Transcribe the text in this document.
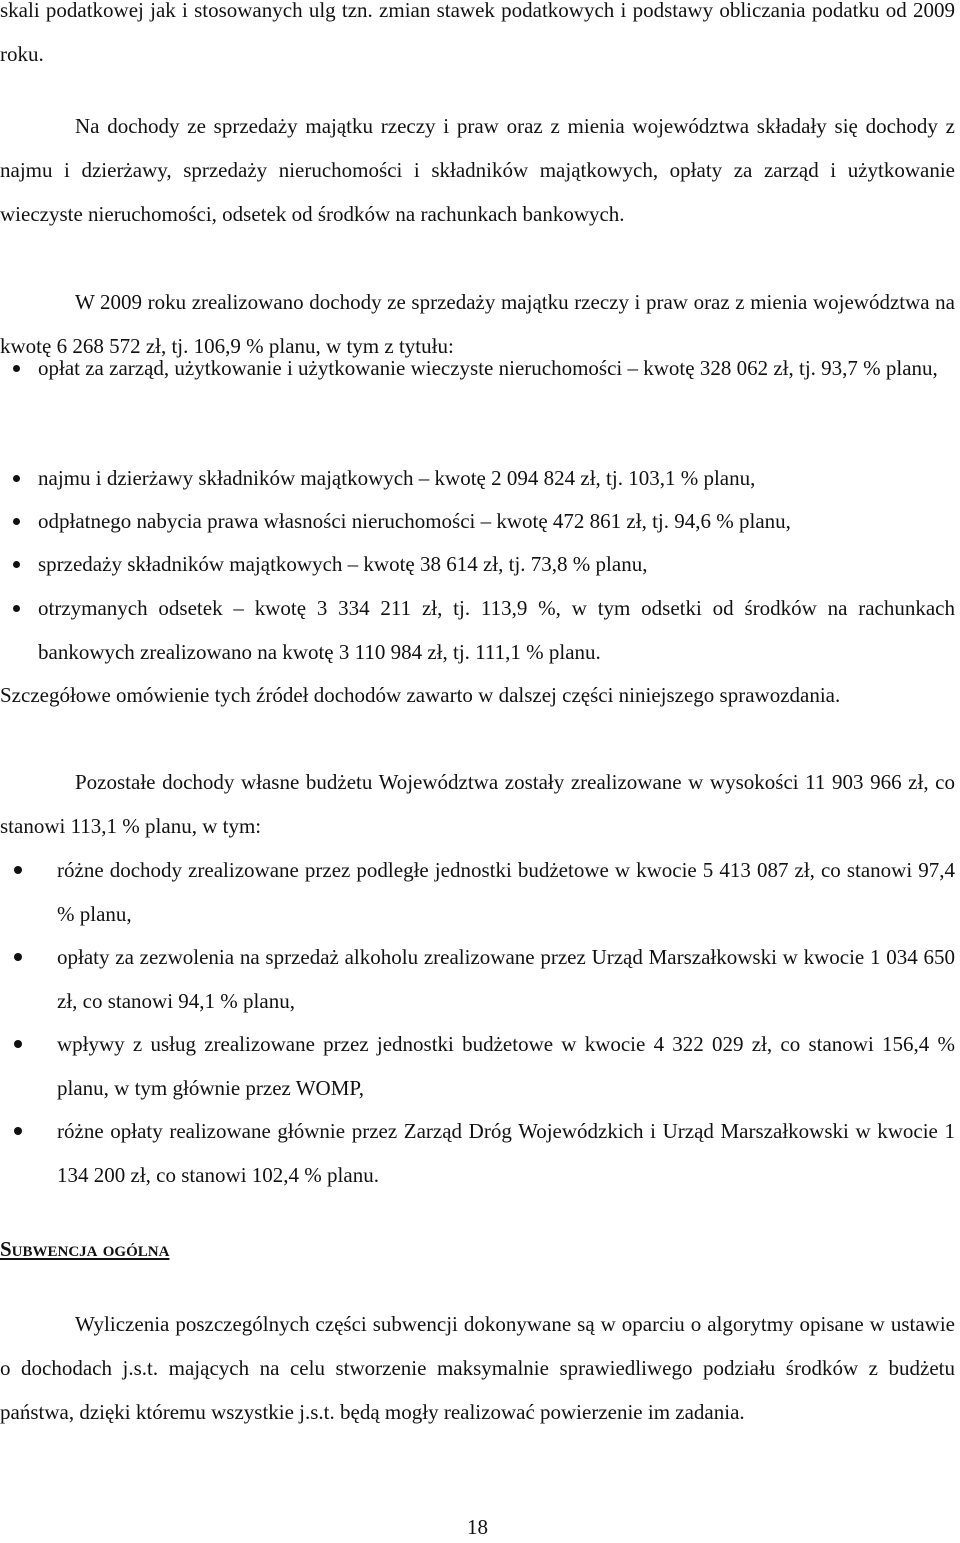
skali podatkowej jak i stosowanych ulg tzn. zmian stawek podatkowych i podstawy obliczania podatku od 2009 roku.

Na dochody ze sprzedaży majątku rzeczy i praw oraz z mienia województwa składały się dochody z najmu i dzierżawy, sprzedaży nieruchomości i składników majątkowych, opłaty za zarząd i użytkowanie wieczyste nieruchomości, odsetek od środków na rachunkach bankowych.

W 2009 roku zrealizowano dochody ze sprzedaży majątku rzeczy i praw oraz z mienia województwa na kwotę 6 268 572 zł, tj. 106,9 % planu, w tym z tytułu:

opłat za zarząd, użytkowanie i użytkowanie wieczyste nieruchomości – kwotę 328 062 zł, tj. 93,7 % planu,
najmu i dzierżawy składników majątkowych – kwotę 2 094 824 zł, tj. 103,1 % planu,
odpłatnego nabycia prawa własności nieruchomości – kwotę 472 861 zł, tj. 94,6 % planu,
sprzedaży składników majątkowych – kwotę 38 614 zł, tj. 73,8 % planu,
otrzymanych odsetek – kwotę 3 334 211 zł, tj. 113,9 %, w tym odsetki od środków na rachunkach bankowych zrealizowano na kwotę 3 110 984 zł, tj. 111,1 % planu.

Szczegółowe omówienie tych źródeł dochodów zawarto w dalszej części niniejszego sprawozdania.

Pozostałe dochody własne budżetu Województwa zostały zrealizowane w wysokości 11 903 966 zł, co stanowi 113,1 % planu, w tym:

różne dochody zrealizowane przez podległe jednostki budżetowe w kwocie 5 413 087 zł, co stanowi 97,4 % planu,
opłaty za zezwolenia na sprzedaż alkoholu zrealizowane przez Urząd Marszałkowski w kwocie 1 034 650 zł, co stanowi 94,1 % planu,
wpływy z usług zrealizowane przez jednostki budżetowe w kwocie 4 322 029 zł, co stanowi 156,4 % planu, w tym głównie przez WOMP,
różne opłaty realizowane głównie przez Zarząd Dróg Wojewódzkich i Urząd Marszałkowski w kwocie 1 134 200 zł, co stanowi 102,4 % planu.
Subwencja ogólna

Wyliczenia poszczególnych części subwencji dokonywane są w oparciu o algorytmy opisane w ustawie o dochodach j.s.t. mających na celu stworzenie maksymalnie sprawiedliwego podziału środków z budżetu państwa, dzięki któremu wszystkie j.s.t. będą mogły realizować powierzenie im zadania.

18
